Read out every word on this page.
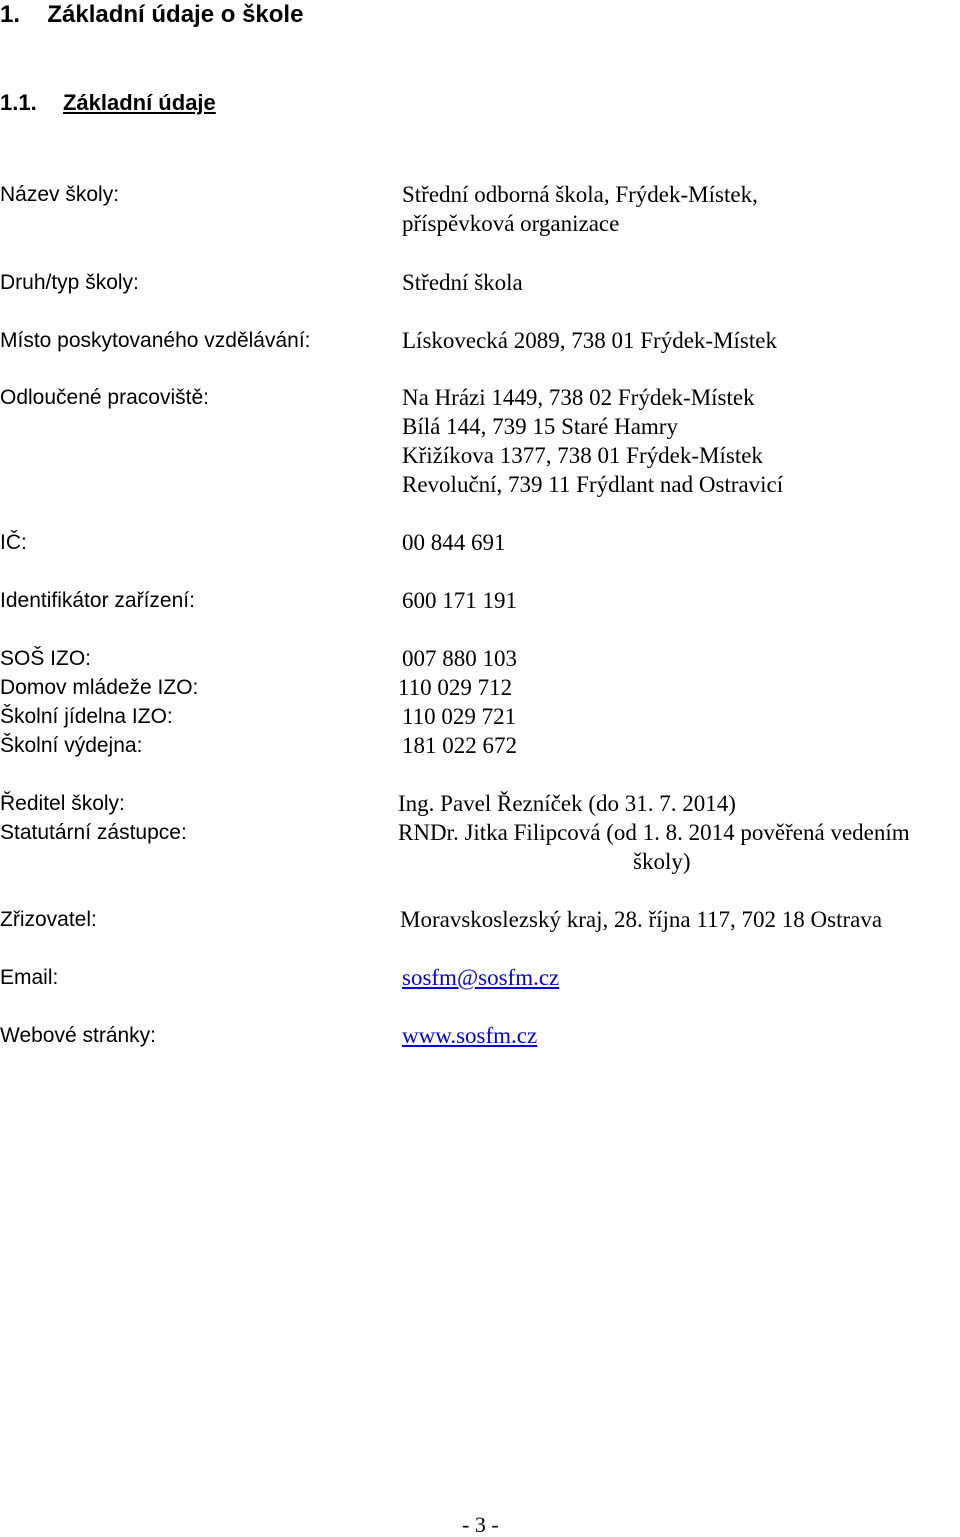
1. Základní údaje o škole
1.1. Základní údaje
Název školy:	Střední odborná škola, Frýdek-Místek,
příspěvková organizace
Druh/typ školy:	Střední škola
Místo poskytovaného vzdělávání:	Lískovecká 2089, 738 01 Frýdek-Místek
Odloučené pracoviště:	Na Hrázi 1449, 738 02 Frýdek-Místek
Bílá 144, 739 15 Staré Hamry
Křižíkova 1377, 738 01 Frýdek-Místek
Revoluční, 739 11 Frýdlant nad Ostravicí
IČ:	00 844 691
Identifikátor zařízení:	600 171 191
SOŠ IZO:	007 880 103
Domov mládeže IZO:	110 029 712
Školní jídelna IZO:	110 029 721
Školní výdejna:	181 022 672
Ředitel školy:	Ing. Pavel Řezníček (do 31. 7. 2014)
Statutární zástupce:	RNDr. Jitka Filipcová (od 1. 8. 2014 pověřená vedením
školy)
Zřizovatel:	Moravskoslezský kraj, 28. října 117, 702 18 Ostrava
Email:	sosfm@sosfm.cz
Webové stránky:	www.sosfm.cz
- 3 -
